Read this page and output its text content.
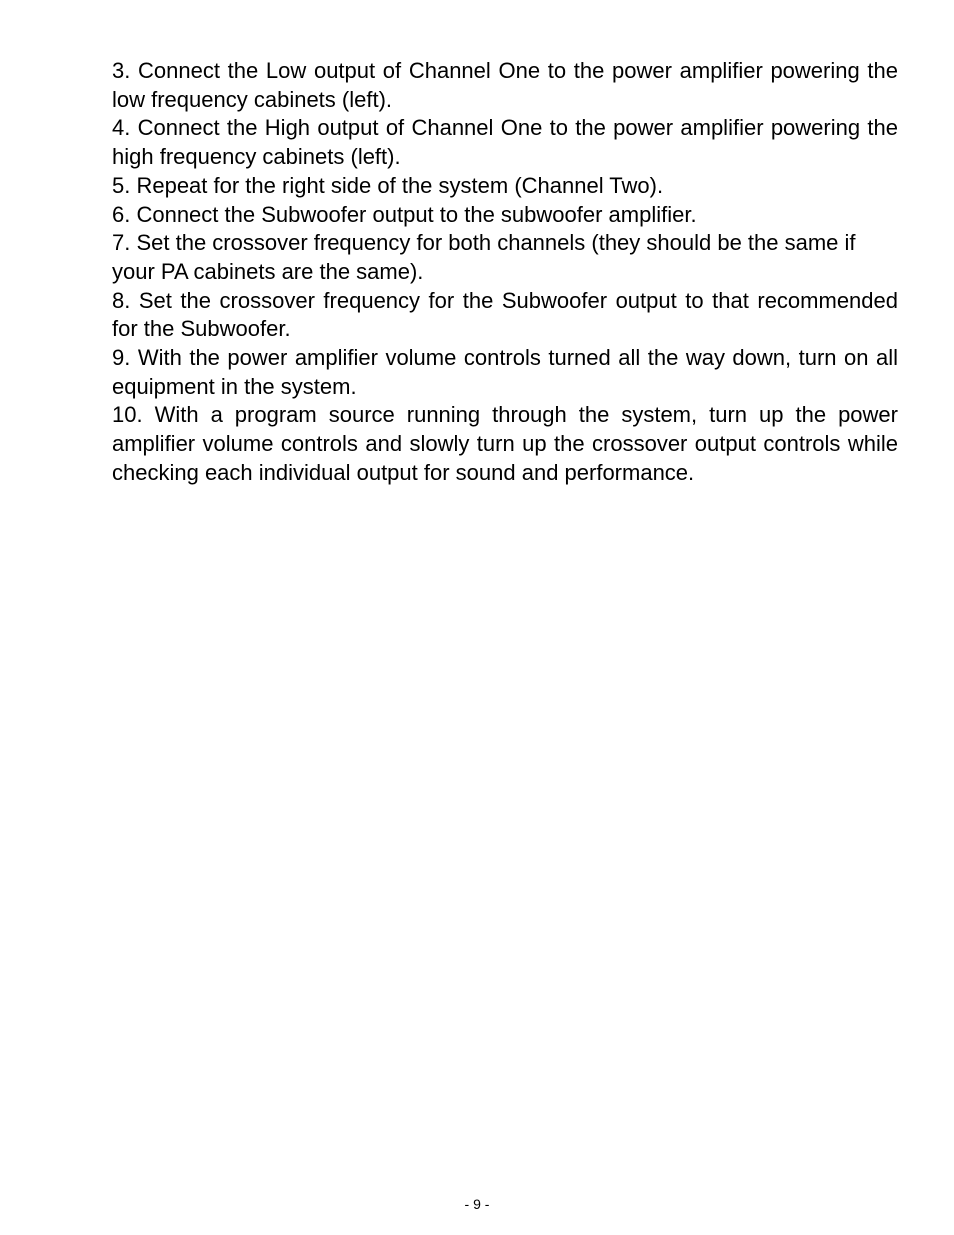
3. Connect the Low output of Channel One to the power amplifier powering the low frequency cabinets (left).

4. Connect the High output of Channel One to the power amplifier powering the high frequency cabinets (left).

5. Repeat for the right side of the system (Channel Two).

6. Connect the Subwoofer output to the subwoofer amplifier.

7. Set the crossover frequency for both channels (they should be the same if your PA cabinets are the same).

8. Set the crossover frequency for the Subwoofer output to that recommended for the Subwoofer.

9. With the power amplifier volume controls turned all the way down, turn on all equipment in the system.

10. With a program source running through the system, turn up the power amplifier volume controls and slowly turn up the crossover output controls while checking each individual output for sound and performance.

- 9 -
